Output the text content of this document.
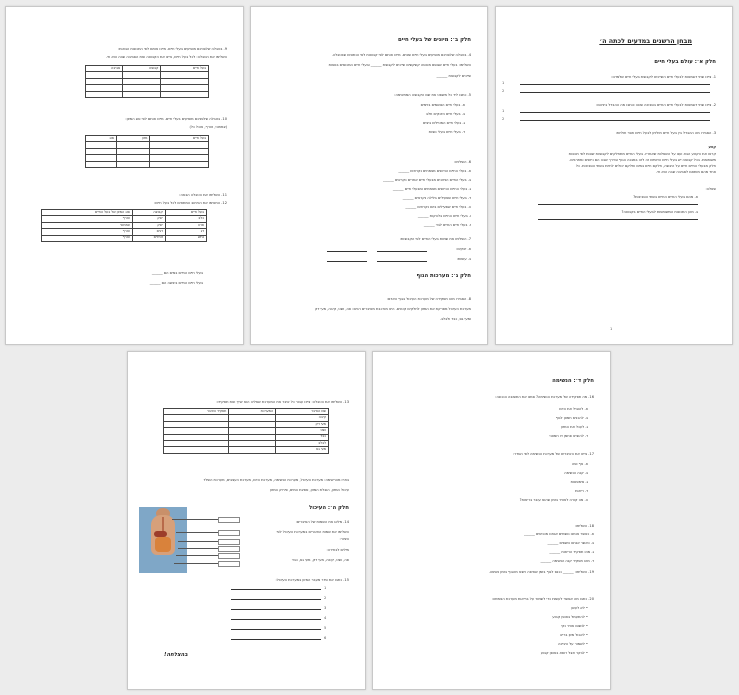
מבחן הרשנים במדעים לכתה ה׳
חלק א׳: עולם בעלי חיים
1. ציינו שתי דוגמאות לבעלי חיים השייכים לקבוצת בעלי חיים שלמדנו:
1
2
2. ציינו שתי דוגמאות לבעלי חיים החיים בסביבה שונה וכתבו מה ההבדל ביניהם:
1
2
3. הסבירו מה ההבדל בין בעל חיים חוליתן לבעל חיים חסר חוליות:
קטע
קראו את הקטע הבא וענו על השאלות שאחריו. בעלי החיים מתחלקים לקבוצות שונות לפי תכונות
משותפות. בכל קבוצה יש בעלי חיים הדומים זה לזה במבנה הגוף ובדרך שבה הם ניזונים ומתרבים.
חלק מבעלי החיים חיים על היבשה, חלקם חיים במים וחלקם יכולים לחיות בשתי הסביבות. כל
אחד מהם מותאם לסביבה שבה הוא חי.
שאלה:
א. מהם בעלי החיים החיים בשתי הסביבות?
ב. מהן התכונות המשותפות לבעלי החיים בקבוצה?
1
חלק ב׳: מיונים של בעלי חיים
4. בטבלה שלפניכם מופיעים בעלי חיים שונים. מיינו אותם לפי קבוצות לפי הנתונים שבטבלה.
השלימו: בעלי חיים שגופם מכוסה קשקשים שייכים לקבוצת ______ ובעלי חיים המכוסים בנוצות
שייכים לקבוצת ______
5. כתבו ליד כל משפט את שם הקבוצה המתאימה:
א. בעלי חיים הנושמים בזימים
ב. בעלי חיים היונקים חלב
ג. בעלי חיים המטילים ביצים
ד. בעלי חיים בעלי נוצות
6. השלימו:
א. בעלי החיים הניזונים מצמחים נקראים ______
ב. בעלי החיים הניזונים מבעלי חיים אחרים נקראים ______
ג. בעלי החיים הניזונים מצמחים ומבעלי חיים ______
ד. בעלי חיים שפעילים בלילה נקראים ______
ה. בעלי חיים שפעילים ביום נקראים ______
ו. בעלי חיים החיים בלהקות ______
ז. בעלי חיים החיים לבד ______
7. השלימו את שמות בעלי החיים לפי הקבוצות:
א. יונקים:
ב. עופות:
חלק ג׳: מערכות הגוף
8. הסבירו מהו תפקידה של מערכת העיכול בגוף האדם:
מערכת העיכול מפרקת את המזון לחלקים קטנים. היא מורכבת מאיברים רבים: פה, ושט, קיבה, מעי דק
ומעי גס, כבד ולבלב.
9. בטבלה שלפניכם מופיעים בעלי חיים. מיינו אותם לפי התכונות הבאות:
השלימו את הטבלה: לכל בעל חיים, ציינו את הקבוצה ואת הסביבה שבה הוא חי.
בעל חיים	קבוצה	סביבה

10. בטבלה שלפניכם מופיעים בעלי חיים. מיינו אותם לפי סוג המזון:
(צמחוני, טורף, אוכל כל)
בעל חיים	מזון	סוג

11. השלימו את הטבלה הבאה:
12. התאימו את הכיתוב המתאים לכל בעל חיים:
בעל חיים	קבוצה	סוג המזון של בעל החיים
כלב	יונק	טורף
פרה	יונק	צמחוני
דג	דגים	טורף
נחש	זוחלים	טורף
בעלי חיים החיים במים הם ______
בעלי חיים החיים ביבשה הם ______
13. השלימו את הטבלה: ציינו עבור כל איבר את המערכת שאליה הוא שייך ואת תפקידו:
שם האיבר	המערכת	תפקיד האיבר
קיבה		
מעי דק		
ושט		
כבד		
לבלב		
מעי גס		
בחרו מהרשימה: מערכת העיכול, מערכת הנשימה, מערכת הדם, מערכת העצבים, מערכת השלד
עיכול המזון, הובלת המזון, ספיגת המים, פירוק המזון
חלק ה׳: העיכול
14. מלאו את השמות של האיברים:
השלימו את שמות האיברים במערכת העיכול לפי
הציור:
מילים לבחירה:
פה, ושט, קיבה, מעי דק, מעי גס, כבד
15. כתבו את סדר מעבר המזון במערכת העיכול:
1
2
3
4
5
6
בהצלחה!
חלק ד׳: הנשימה
16. מה תפקידה של מערכת הנשימה? סמנו את התשובה הנכונה:
א. להוביל את הדם
ב. להכניס חמצן לגוף
ג. לעכל את המזון
ד. להוציא פחמן דו חמצני
17. ציינו את האיברים של מערכת הנשימה לפי הסדר:
א. אף ופה
ב. קנה הנשימה
ג. סימפונות
ד. ריאות
ה. מה קורה לאוויר בזמן שהוא עובר בריאות?
18. השלימו:
א. כאשר אנחנו נושמים אנחנו מכניסים ______
ב. כאשר אנחנו נושפים ______
ג. מהו תפקיד הריאות ______
ד. מהו תפקיד קנה הנשימה ______
19. השלימו: ______ נכנס לגוף בזמן שאיפה ויוצא מהגוף בזמן נשיפה.
20. כתבו מה אפשר לעשות כדי לשמור על בריאות מערכת הנשימה:
• לא לעשן
• להתעמל באופן קבוע
• לנשום אוויר נקי
• לאכול מזון בריא
• לשמור על היגיינה
• לבקר אצל רופא באופן קבוע
